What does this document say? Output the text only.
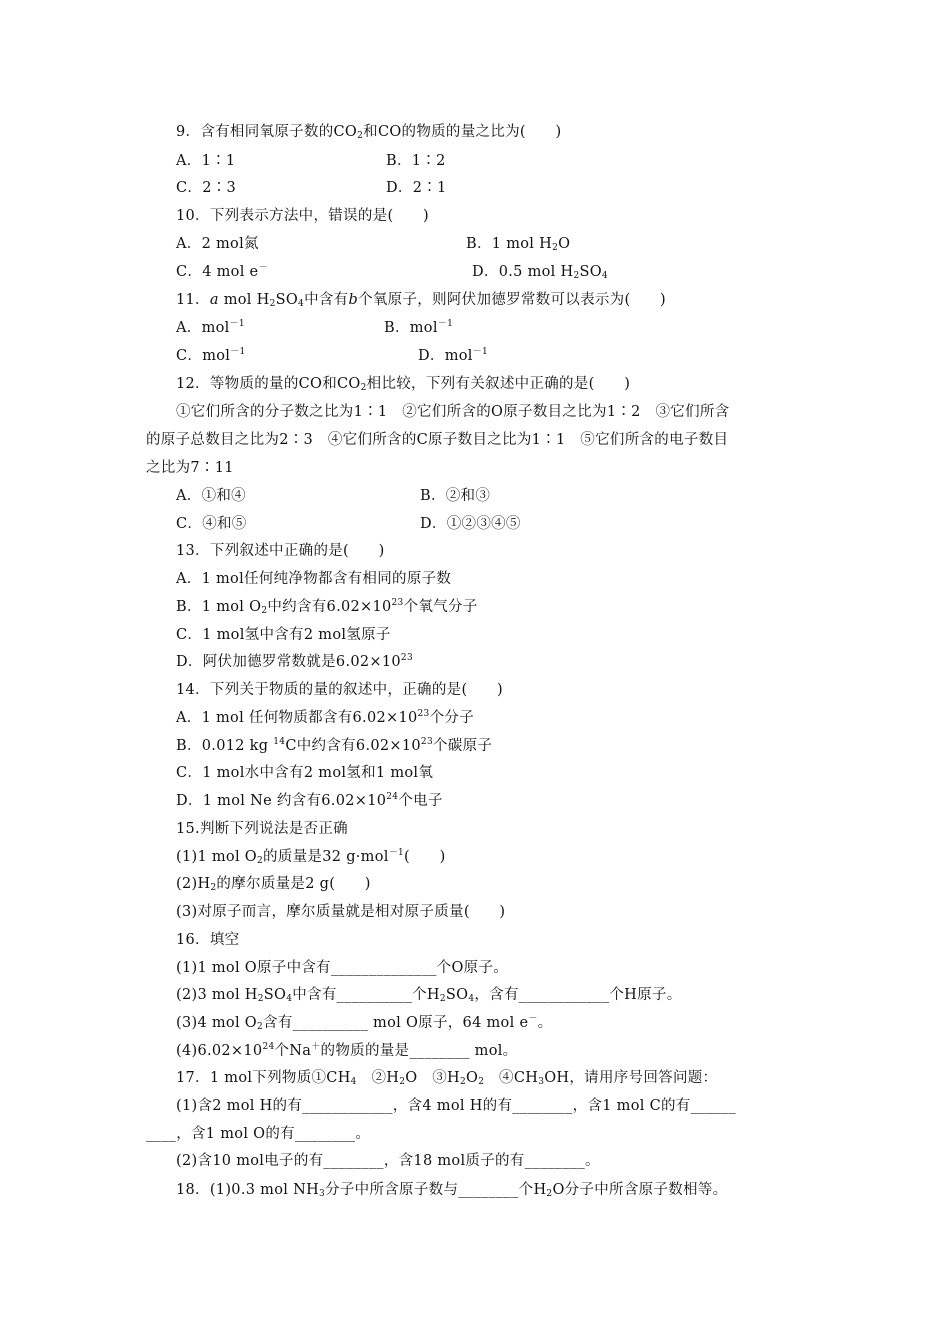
9．含有相同氧原子数的$CO_2$和CO的物质的量之比为(　　)
A．1∶1	B．1∶2
C．2∶3	D．2∶1
10．下列表示方法中，错误的是(　　)
A．2 mol氮	B．1 mol $H_2O$
C．4 mol e－	D．0.5 mol $H_2SO_4$
11．a mol $H_2SO_4$中含有b个氧原子，则阿伏加德罗常数可以表示为(　　)
A．mol$^{-1}$	B．mol$^{-1}$
C．mol$^{-1}$	D．mol$^{-1}$
12．等物质的量的CO和$CO_2$相比较，下列有关叙述中正确的是(　　)
①它们所含的分子数之比为1∶1　②它们所含的O原子数目之比为1∶2　③它们所含
的原子总数目之比为2∶3　④它们所含的C原子数目之比为1∶1　⑤它们所含的电子数目
之比为7∶11
A．①和④	B．②和③
C．④和⑤	D．①②③④⑤
13．下列叙述中正确的是(　　)
A．1 mol任何纯净物都含有相同的原子数
B．1 mol $O_2$中约含有$6.02\times 10^{23}$个氧气分子
C．1 mol氢中含有2 mol氢原子
D．阿伏加德罗常数就是$6.02\times 10^{23}$
14．下列关于物质的量的叙述中，正确的是(　　)
A．1 mol 任何物质都含有$6.02\times 10^{23}$个分子
B．0.012 kg $^{14}$C中约含有$6.02\times 10^{23}$个碳原子
C．1 mol水中含有2 mol氢和1 mol氧
D．1 mol Ne 约含有$6.02\times 10^{24}$个电子
15.判断下列说法是否正确
(1)1 mol $O_2$的质量是32 g·mol$^{-1}$(　　)
$(2)H_2$的摩尔质量是2 g(　　)
(3)对原子而言，摩尔质量就是相对原子质量(　　)
16．填空
(1)1 mol O原子中含有______________个O原子。
(2)3 mol $H_2SO_4$中含有__________个$H_2SO_4$，含有____________个H原子。
(3)4 mol $O_2$含有__________ mol O原子，64 mol e－。
$(4)6.02\times 10^{24}$个Na＋的物质的量是________ mol。
17．1 mol下列物质$①CH_4$　$②H_2O$　$③H_2O_2$　$④CH_3OH$，请用序号回答问题：
(1)含2 mol H的有____________，含4 mol H的有________，含1 mol C的有______
____，含1 mol O的有________。
(2)含10 mol电子的有________，含18 mol质子的有________。
18．(1)0.3 mol $NH_3$分子中所含原子数与________个$H_2O$分子中所含原子数相等。
